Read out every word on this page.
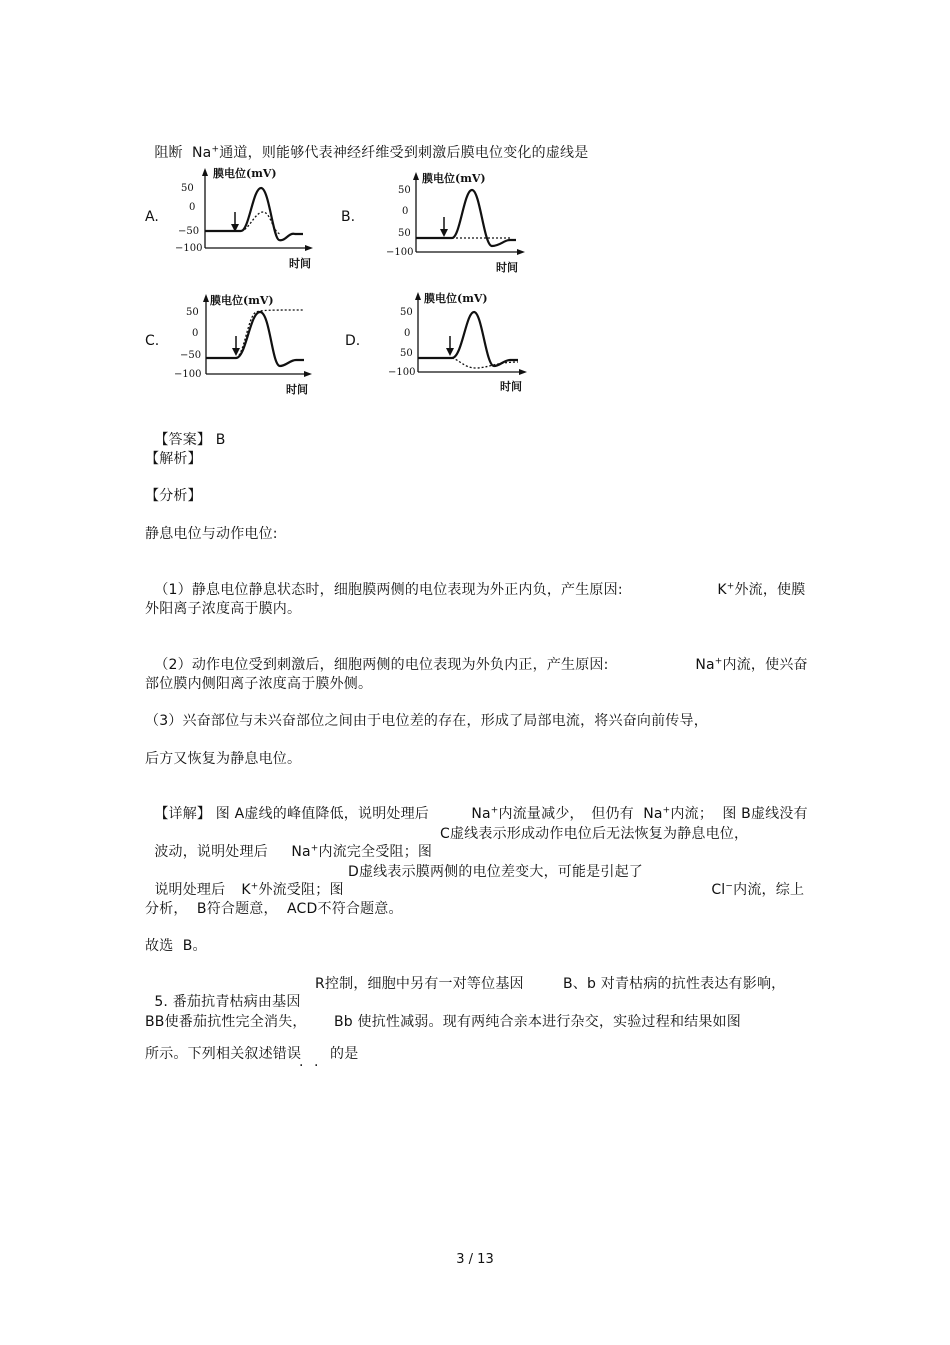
阻断  Na+通道，则能够代表神经纤维受到刺激后膜电位变化的虚线是

A.	B.
C.	D.
膜电位(mV)
50
0
−50
−100
时间
膜电位(mV)
50
0
50
−100
时间
膜电位(mV)
50
0
−50
−100
时间
膜电位(mV)
50
0
50
−100
时间

【答案】 B

【解析】
【分析】
静息电位与动作电位:

（1）静息电位静息状态时，细胞膜两侧的电位表现为外正内负，产生原因:	K+外流，使膜

外阳离子浓度高于膜内。

（2）动作电位受到刺激后，细胞两侧的电位表现为外负内正，产生原因:	Na+内流，使兴奋

部位膜内侧阳离子浓度高于膜外侧。
（3）兴奋部位与未兴奋部位之间由于电位差的存在，形成了局部电流，将兴奋向前传导，
后方又恢复为静息电位。

【详解】 图 A虚线的峰值降低，说明处理后	Na+内流量减少， 但仍有  Na+内流；  图 B虚线没有

波动，说明处理后	Na+内流完全受阻；图

C虚线表示形成动作电位后无法恢复为静息电位，

说明处理后	K+外流受阻；图

D虚线表示膜两侧的电位差变大，可能是引起了

Cl−内流，综上

分析，  B符合题意，  ACD不符合题意。
故选  B。

5. 番茄抗青枯病由基因

R控制，细胞中另有一对等位基因	B、b 对青枯病的抗性表达有影响，
BB使番茄抗性完全消失， Bb 使抗性减弱。现有两纯合亲本进行杂交，实验过程和结果如图
所示。下列相关叙述错误 的是
. .
3 / 13
